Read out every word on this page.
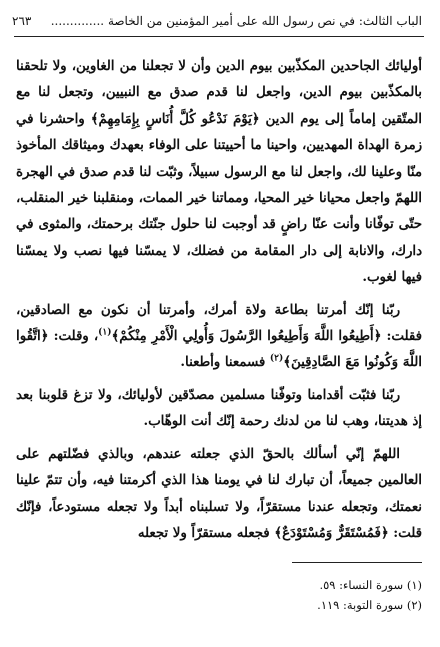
الباب الثالث: في نص رسول الله على أمير المؤمنين من الخاصة ..............
٢٦٣

أوليائك الجاحدين المكذّبين بيوم الدين وأن لا تجعلنا من الغاوين، ولا تلحقنا بالمكذّبين بيوم الدين، واجعل لنا قدم صدق مع النبيين، وتجعل لنا مع المتّقين إماماً إلى يوم الدين ﴿يَوْمَ نَدْعُو كُلَّ أُنَاسٍ بِإِمَامِهِمْ﴾ واحشرنا في زمرة الهداة المهديين، واحينا ما أحييتنا على الوفاء بعهدك وميثاقك المأخوذ منّا وعلينا لك، واجعل لنا مع الرسول سبيلاً، وثبّت لنا قدم صدق في الهجرة اللهمّ واجعل محيانا خير المحيا، ومماتنا خير الممات، ومنقلبنا خير المنقلب، حتّى توفّانا وأنت عنّا راضٍ قد أوجبت لنا حلول جنّتك برحمتك، والمثوى في دارك، والانابة إلى دار المقامة من فضلك، لا يمسّنا فيها نصب ولا يمسّنا فيها لغوب.

ربّنا إنّك أمرتنا بطاعة ولاة أمرك، وأمرتنا أن نكون مع الصادقين، فقلت: ﴿أَطِيعُوا اللَّهَ وَأَطِيعُوا الرَّسُولَ وَأُولِي الْأَمْرِ مِنْكُمْ﴾$^{(١)}$، وقلت: ﴿اتَّقُوا اللَّهَ وَكُونُوا مَعَ الصَّادِقِينَ﴾$^{(٢)}$ فسمعنا وأطعنا.

ربّنا فثبّت أقدامنا وتوفّنا مسلمين مصدّقين لأوليائك، ولا تزغ قلوبنا بعد إذ هديتنا، وهب لنا من لدنك رحمة إنّك أنت الوهّاب.

اللهمّ إنّي أسألك بالحقّ الذي جعلته عندهم، وبالذي فضّلتهم على العالمين جميعاً، أن تبارك لنا في يومنا هذا الذي أكرمتنا فيه، وأن تتمّ علينا نعمتك، وتجعله عندنا مستقرّاً، ولا تسلبناه أبداً ولا تجعله مستودعاً، فإنّك قلت: ﴿فَمُسْتَقَرٌّ وَمُسْتَوْدَعٌ﴾ فجعله مستقرّاً ولا تجعله

(١) سورة النساء: ٥٩.
(٢) سورة التوبة: ١١٩.
